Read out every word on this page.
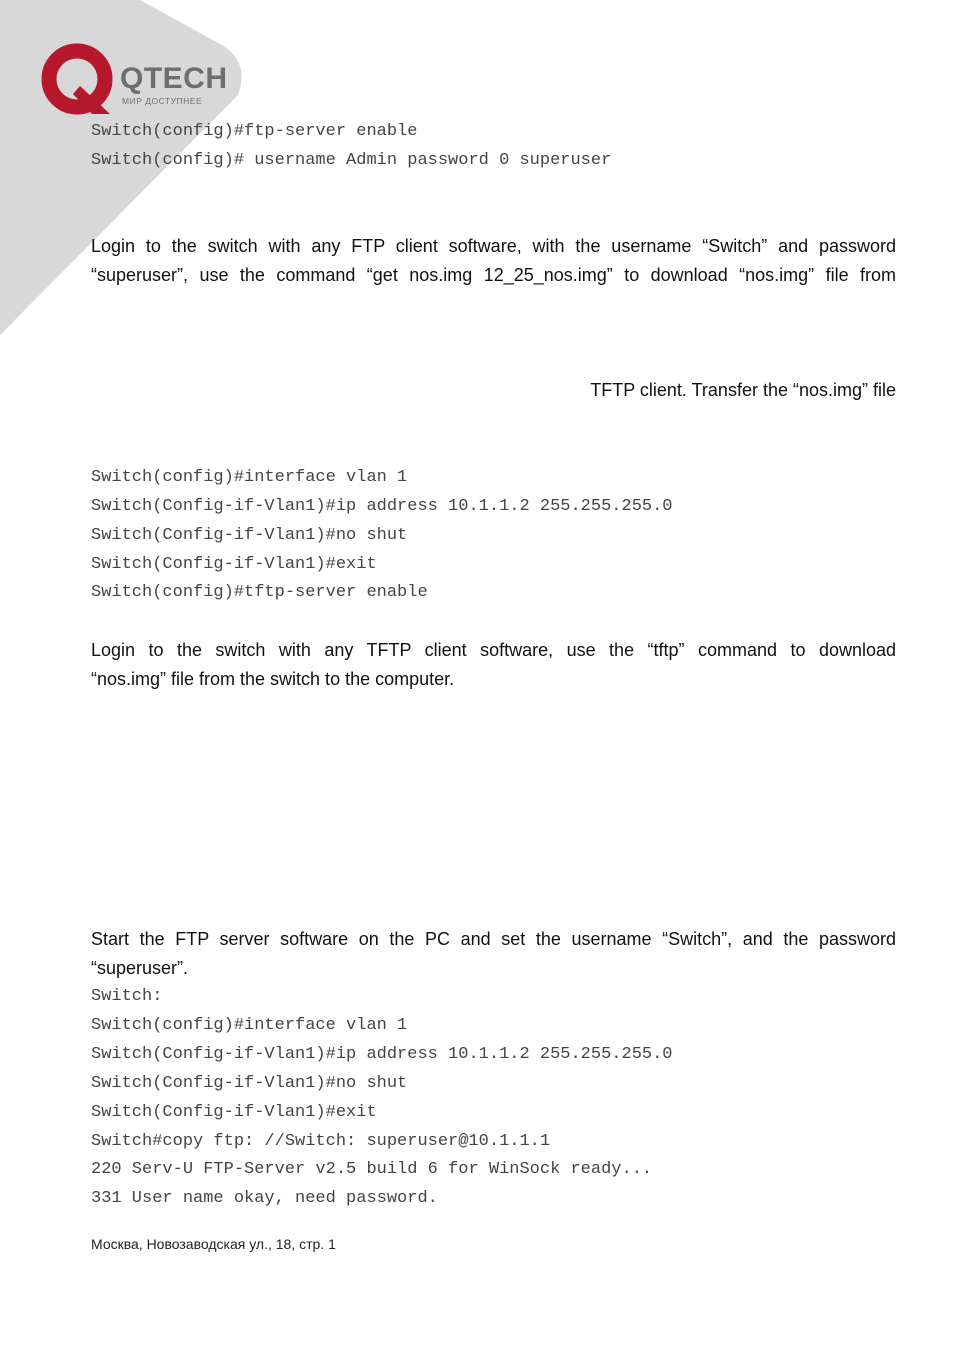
QTECH
МИР ДОСТУПНЕЕ

Switch(config)#ftp-server enable

Switch(config)# username Admin password 0 superuser

Login to the switch with any FTP client software, with the username “Switch” and password

“superuser”, use the command “get nos.img 12_25_nos.img” to download “nos.img” file from

TFTP client. Transfer the “nos.img” file

Switch(config)#interface vlan 1

Switch(Config-if-Vlan1)#ip address 10.1.1.2 255.255.255.0

Switch(Config-if-Vlan1)#no shut

Switch(Config-if-Vlan1)#exit

Switch(config)#tftp-server enable

Login to the switch with any TFTP client software, use the “tftp” command to download

“nos.img” file from the switch to the computer.

Start the FTP server software on the PC and set the username “Switch”, and the password

“superuser”.

Switch:

Switch(config)#interface vlan 1

Switch(Config-if-Vlan1)#ip address 10.1.1.2 255.255.255.0

Switch(Config-if-Vlan1)#no shut

Switch(Config-if-Vlan1)#exit

Switch#copy ftp: //Switch: superuser@10.1.1.1

220 Serv-U FTP-Server v2.5 build 6 for WinSock ready...

331 User name okay, need password.

Москва, Новозаводская ул., 18, стр. 1
